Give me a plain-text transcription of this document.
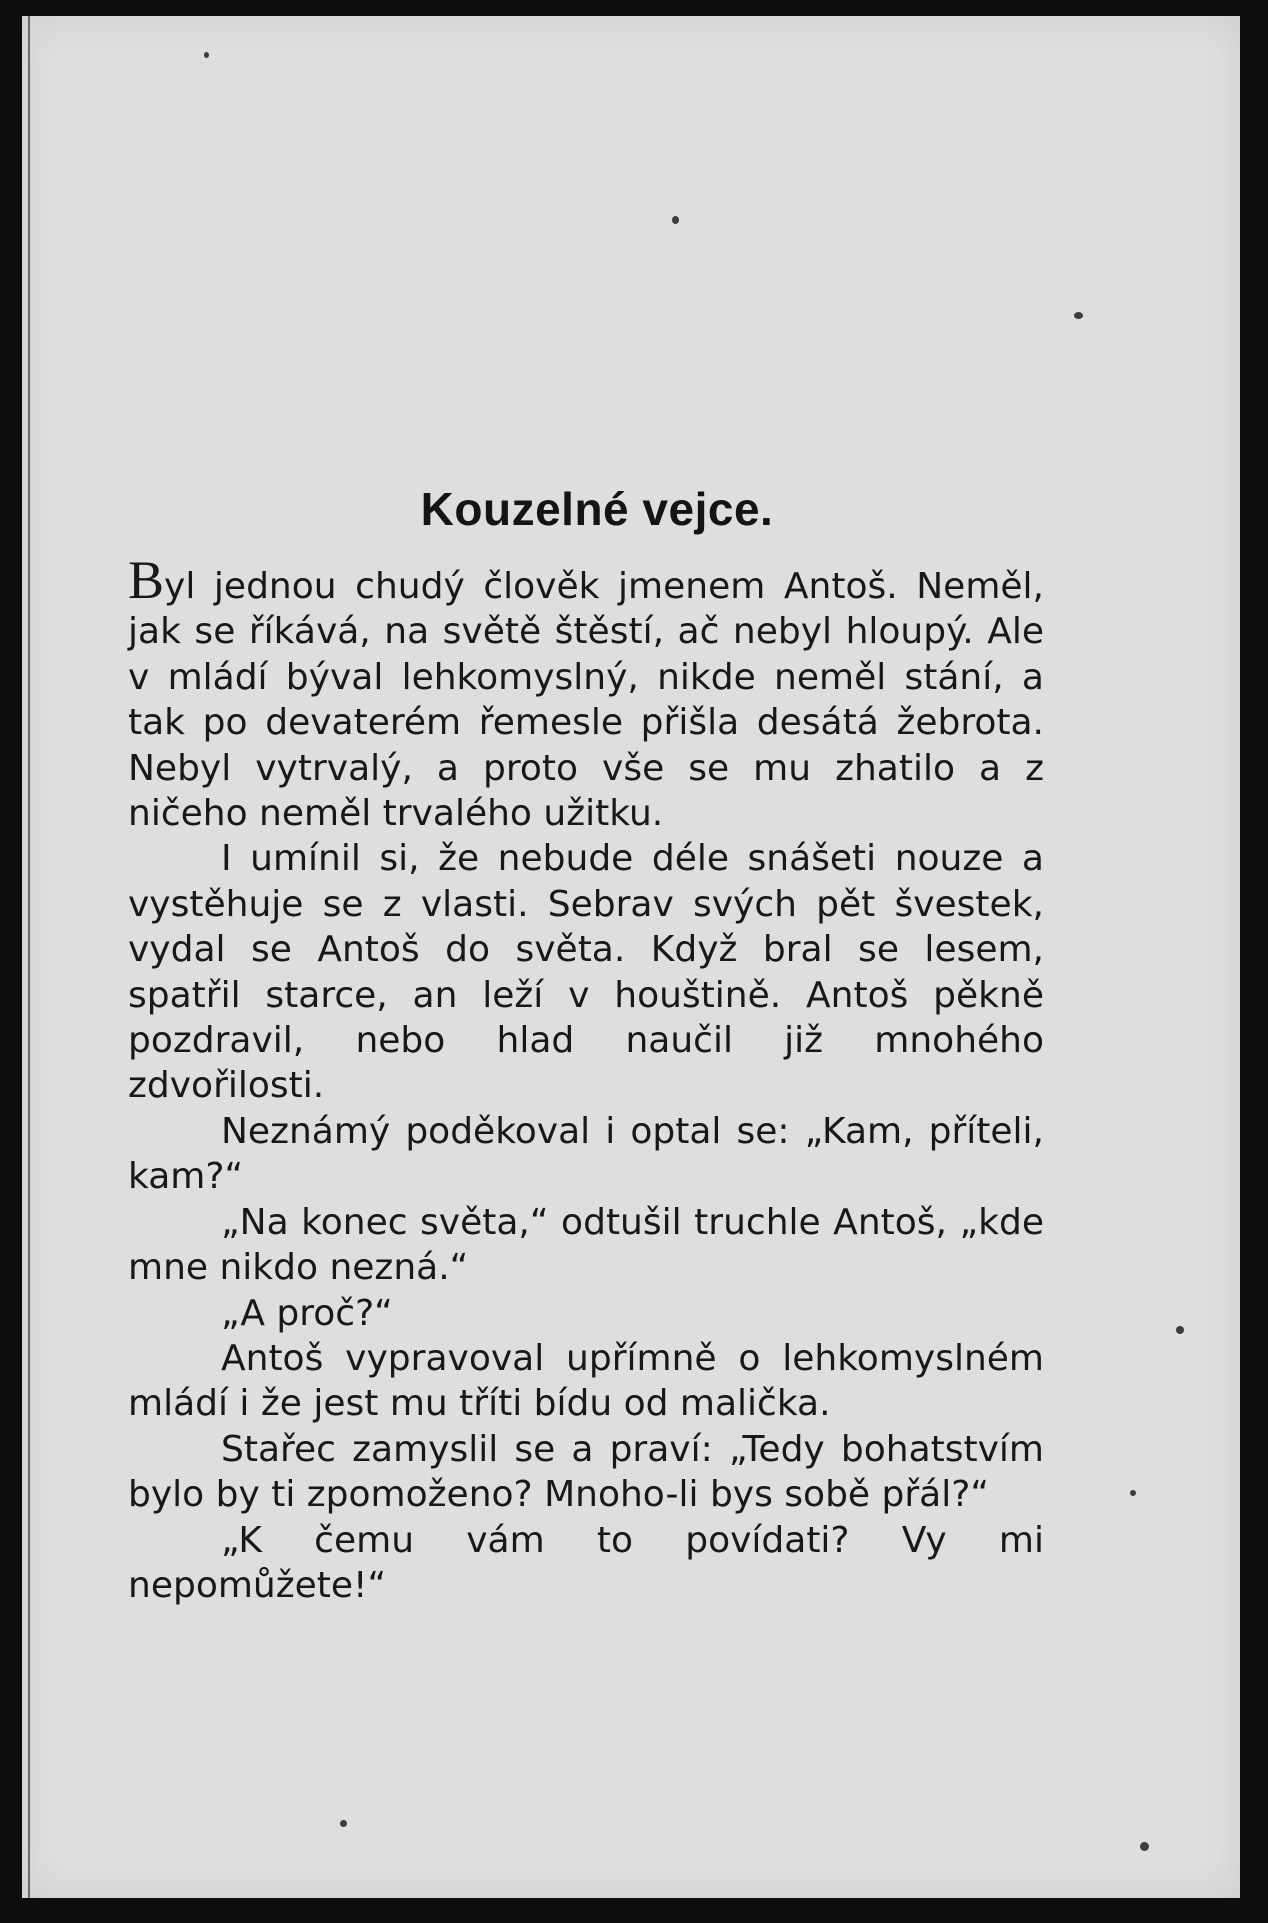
Kouzelné vejce.

Byl jednou chudý člověk jmenem Antoš. Neměl, jak se říkává, na světě štěstí, ač nebyl hloupý. Ale v mládí býval lehkomyslný, nikde neměl stání, a tak po devaterém řemesle přišla desátá žebrota. Nebyl vytrvalý, a proto vše se mu zhatilo a z ničeho neměl trvalého užitku.

I umínil si, že nebude déle snášeti nouze a vystěhuje se z vlasti. Sebrav svých pět švestek, vydal se Antoš do světa. Když bral se lesem, spatřil starce, an leží v houštině. Antoš pěkně pozdravil, nebo hlad naučil již mnohého zdvořilosti.

Neznámý poděkoval i optal se: „Kam, příteli, kam?“

„Na konec světa,“ odtušil truchle Antoš, „kde mne nikdo nezná.“

„A proč?“

Antoš vypravoval upřímně o lehkomyslném mládí i že jest mu tříti bídu od malička.

Stařec zamyslil se a praví: „Tedy bohatstvím bylo by ti zpomoženo? Mnoho-li bys sobě přál?“

„K čemu vám to povídati? Vy mi nepomůžete!“
